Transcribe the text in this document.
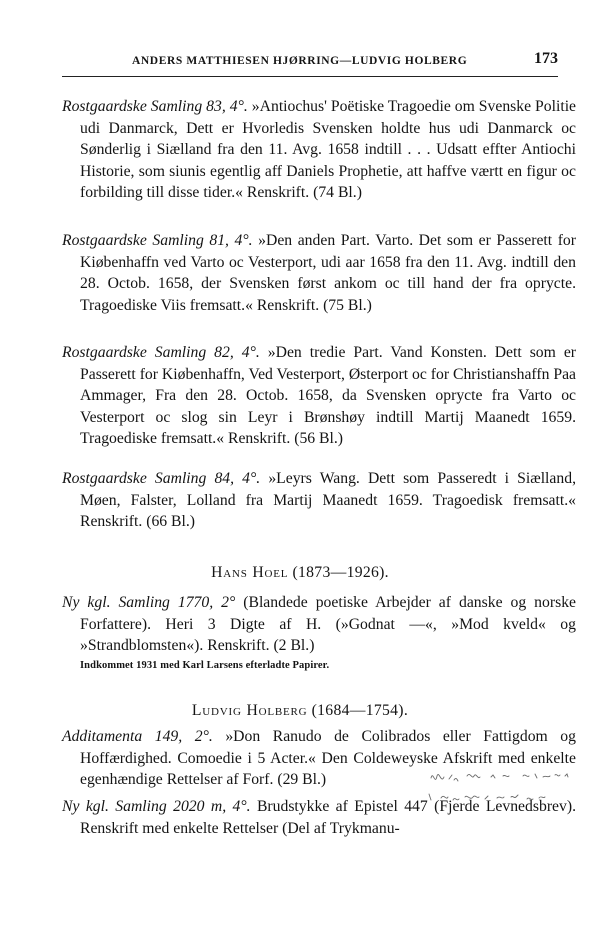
ANDERS MATTHIESEN HJØRRING—LUDVIG HOLBERG	173

Rostgaardske Samling 83, 4°. »Antiochus' Poëtiske Tragoedie om Svenske Politie udi Danmarck, Dett er Hvorledis Svensken holdte hus udi Danmarck oc Sønderlig i Siælland fra den 11. Avg. 1658 indtill . . . Udsatt effter Antiochi Historie, som siunis egentlig aff Daniels Prophetie, att haffve værtt en figur oc forbilding till disse tider.« Renskrift. (74 Bl.)

Rostgaardske Samling 81, 4°. »Den anden Part. Varto. Det som er Passerett for Kiøbenhaffn ved Varto oc Vesterport, udi aar 1658 fra den 11. Avg. indtill den 28. Octob. 1658, der Svensken først ankom oc till hand der fra oprycte. Tragoediske Viis fremsatt.« Renskrift. (75 Bl.)

Rostgaardske Samling 82, 4°. »Den tredie Part. Vand Konsten. Dett som er Passerett for Kiøbenhaffn, Ved Vesterport, Østerport oc for Christianshaffn Paa Ammager, Fra den 28. Octob. 1658, da Svensken oprycte fra Varto oc Vesterport oc slog sin Leyr i Brønshøy indtill Martij Maanedt 1659. Tragoediske fremsatt.« Renskrift. (56 Bl.)

Rostgaardske Samling 84, 4°. »Leyrs Wang. Dett som Passeredt i Siælland, Møen, Falster, Lolland fra Martij Maanedt 1659. Tragoedisk fremsatt.« Renskrift. (66 Bl.)

Hans Hoel (1873—1926).

Ny kgl. Samling 1770, 2° (Blandede poetiske Arbejder af danske og norske Forfattere). Heri 3 Digte af H. (»Godnat —«, »Mod kveld« og »Strandblomsten«). Renskrift. (2 Bl.)
Indkommet 1931 med Karl Larsens efterladte Papirer.

Ludvig Holberg (1684—1754).

Additamenta 149, 2°. »Don Ranudo de Colibrados eller Fattigdom og Hoffærdighed. Comoedie i 5 Acter.« Den Coldeweyske Afskrift med enkelte egenhændige Rettelser af Forf. (29 Bl.)

Ny kgl. Samling 2020 m, 4°. Brudstykke af Epistel 447 (Fjerde Levnedsbrev). Renskrift med enkelte Rettelser (Del af Trykmanu-
